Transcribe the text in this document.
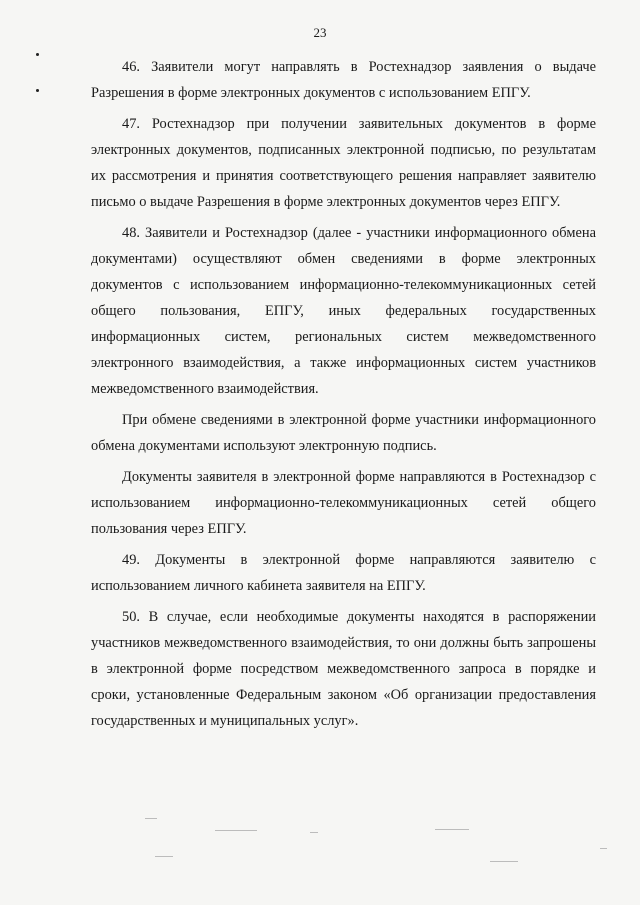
23

46. Заявители могут направлять в Ростехнадзор заявления о выдаче Разрешения в форме электронных документов с использованием ЕПГУ.

47. Ростехнадзор при получении заявительных документов в форме электронных документов, подписанных электронной подписью, по результатам их рассмотрения и принятия соответствующего решения направляет заявителю письмо о выдаче Разрешения в форме электронных документов через ЕПГУ.

48. Заявители и Ростехнадзор (далее - участники информационного обмена документами) осуществляют обмен сведениями в форме электронных документов с использованием информационно-телекоммуникационных сетей общего пользования, ЕПГУ, иных федеральных государственных информационных систем, региональных систем межведомственного электронного взаимодействия, а также информационных систем участников межведомственного взаимодействия.

При обмене сведениями в электронной форме участники информационного обмена документами используют электронную подпись.

Документы заявителя в электронной форме направляются в Ростехнадзор с использованием информационно-телекоммуникационных сетей общего пользования через ЕПГУ.

49. Документы в электронной форме направляются заявителю с использованием личного кабинета заявителя на ЕПГУ.

50. В случае, если необходимые документы находятся в распоряжении участников межведомственного взаимодействия, то они должны быть запрошены в электронной форме посредством межведомственного запроса в порядке и сроки, установленные Федеральным законом «Об организации предоставления государственных и муниципальных услуг».
